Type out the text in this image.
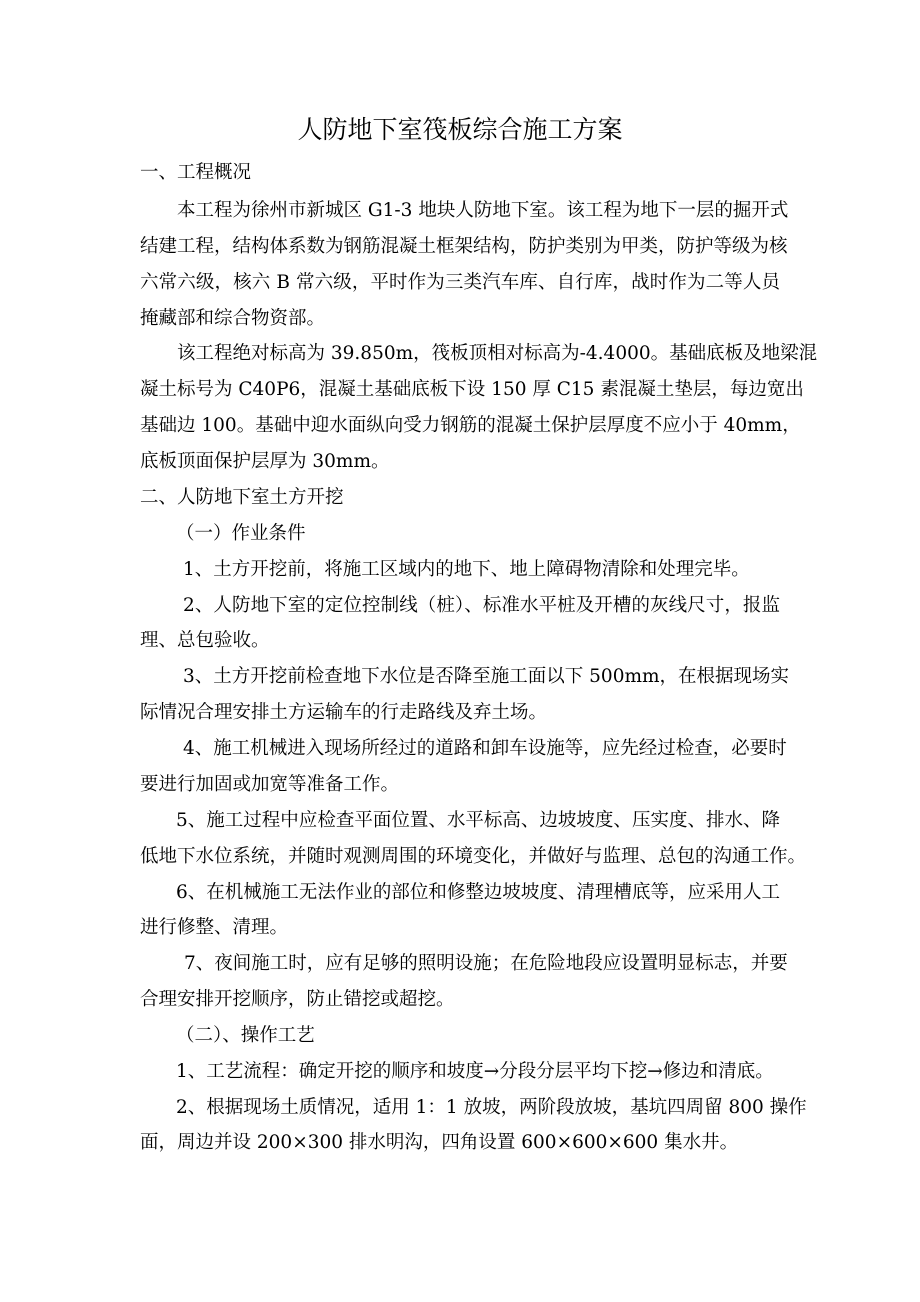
人防地下室筏板综合施工方案
一、工程概况
本工程为徐州市新城区 G1-3 地块人防地下室。该工程为地下一层的掘开式
结建工程，结构体系数为钢筋混凝土框架结构，防护类别为甲类，防护等级为核
六常六级，核六 B 常六级，平时作为三类汽车库、自行库，战时作为二等人员
掩藏部和综合物资部。
该工程绝对标高为 39.850m，筏板顶相对标高为-4.4000。基础底板及地梁混
凝土标号为 C40P6，混凝土基础底板下设 150 厚 C15 素混凝土垫层，每边宽出
基础边 100。基础中迎水面纵向受力钢筋的混凝土保护层厚度不应小于 40mm，
底板顶面保护层厚为 30mm。
二、人防地下室土方开挖
（一）作业条件
1、土方开挖前，将施工区域内的地下、地上障碍物清除和处理完毕。
2、人防地下室的定位控制线（桩）、标准水平桩及开槽的灰线尺寸，报监
理、总包验收。
3、土方开挖前检查地下水位是否降至施工面以下 500mm，在根据现场实
际情况合理安排土方运输车的行走路线及弃土场。
4、施工机械进入现场所经过的道路和卸车设施等，应先经过检查，必要时
要进行加固或加宽等准备工作。
5、施工过程中应检查平面位置、水平标高、边坡坡度、压实度、排水、降
低地下水位系统，并随时观测周围的环境变化，并做好与监理、总包的沟通工作。
6、在机械施工无法作业的部位和修整边坡坡度、清理槽底等，应采用人工
进行修整、清理。
7、夜间施工时，应有足够的照明设施；在危险地段应设置明显标志，并要
合理安排开挖顺序，防止错挖或超挖。
（二）、操作工艺
1、工艺流程：确定开挖的顺序和坡度→分段分层平均下挖→修边和清底。
2、根据现场土质情况，适用 1：1 放坡，两阶段放坡，基坑四周留 800 操作
面，周边并设 200×300 排水明沟，四角设置 600×600×600 集水井。
